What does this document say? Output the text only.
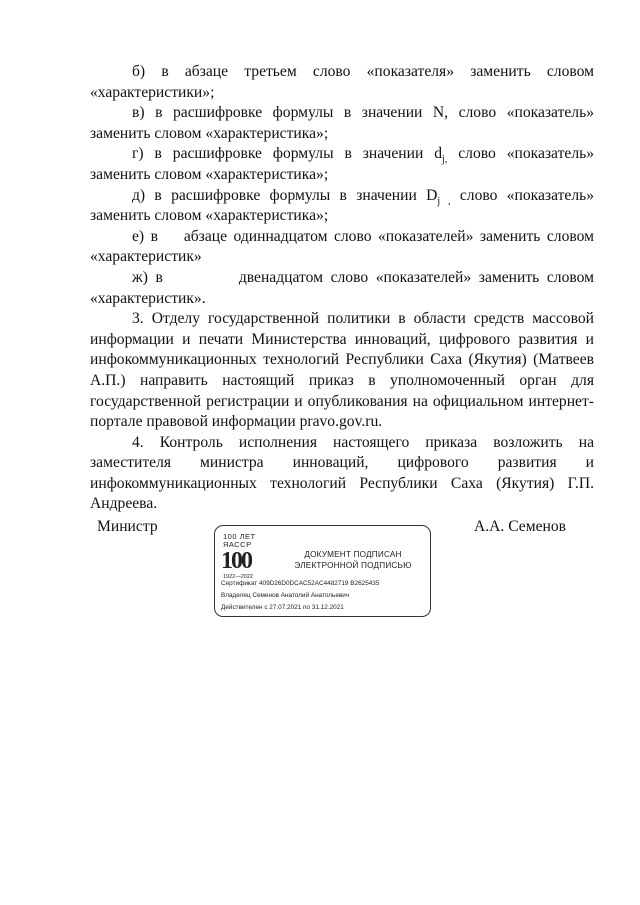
б)   в   абзаце   третьем   слово   «показателя»   заменить   словом «характеристики»;

в) в расшифровке формулы в значении N, слово «показатель» заменить словом «характеристика»;

г) в расшифровке формулы в значении $d_{j,}$ слово «показатель» заменить словом «характеристика»;

д) в расшифровке формулы в значении $D_{j ,}$ слово «показатель» заменить словом «характеристика»;

е) в    абзаце одиннадцатом слово «показателей» заменить словом «характеристик»

ж) в          двенадцатом слово «показателей» заменить словом «характеристик».

3. Отделу государственной политики в области средств массовой информации и печати Министерства инноваций, цифрового развития и инфокоммуникационных технологий Республики Саха (Якутия) (Матвеев А.П.) направить настоящий приказ в уполномоченный орган для государственной регистрации и опубликования на официальном интернет-портале правовой информации pravo.gov.ru.

4. Контроль исполнения настоящего приказа возложить на заместителя министра инноваций, цифрового развития и инфокоммуникационных технологий Республики Саха (Якутия) Г.П. Андреева.

Министр	А.А. Семенов
100 ЛЕТ
ЯАССР
100
1922—2022
ДОКУМЕНТ ПОДПИСАН
ЭЛЕКТРОННОЙ ПОДПИСЬЮ
Сертификат 409D26D0DCAC52AC4482719 В2625435
Владелец Семенов Анатолий Анатольевич
Действителен с 27.07.2021 по 31.12.2021
